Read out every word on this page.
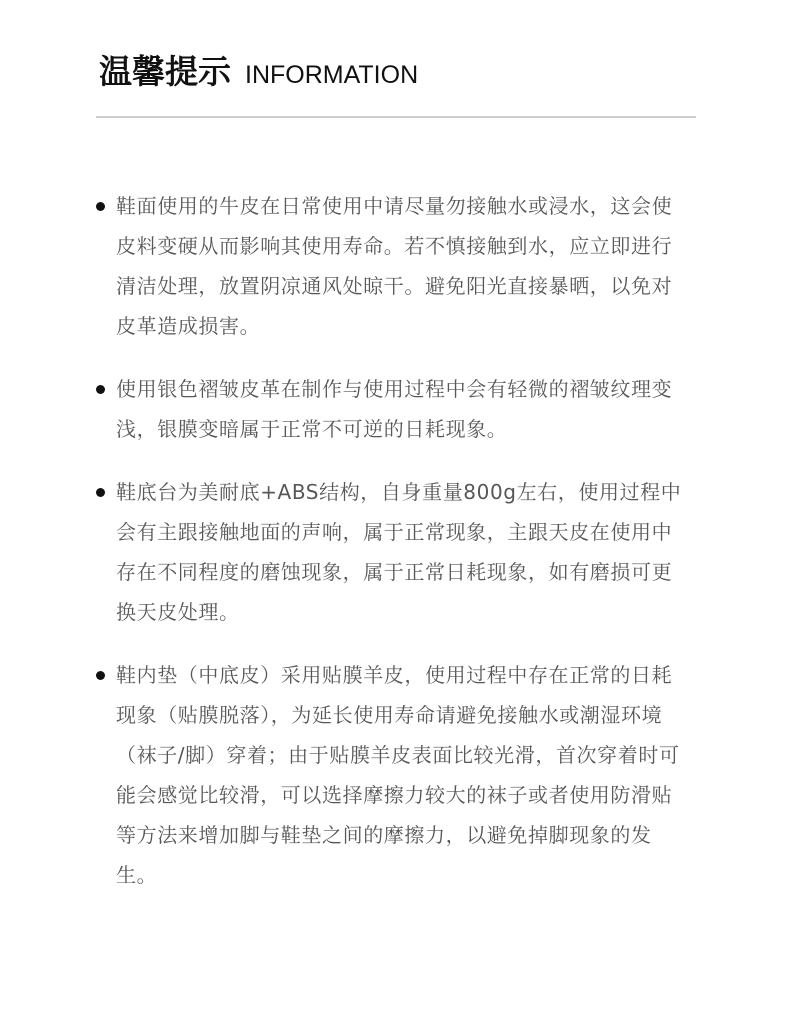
温馨提示 INFORMATION
鞋面使用的牛皮在日常使用中请尽量勿接触水或浸水，这会使皮料变硬从而影响其使用寿命。若不慎接触到水，应立即进行清洁处理，放置阴凉通风处晾干。避免阳光直接暴晒，以免对皮革造成损害。
使用银色褶皱皮革在制作与使用过程中会有轻微的褶皱纹理变浅，银膜变暗属于正常不可逆的日耗现象。
鞋底台为美耐底+ABS结构，自身重量800g左右，使用过程中会有主跟接触地面的声响，属于正常现象，主跟天皮在使用中存在不同程度的磨蚀现象，属于正常日耗现象，如有磨损可更换天皮处理。
鞋内垫（中底皮）采用贴膜羊皮，使用过程中存在正常的日耗现象（贴膜脱落），为延长使用寿命请避免接触水或潮湿环境（袜子/脚）穿着；由于贴膜羊皮表面比较光滑，首次穿着时可能会感觉比较滑，可以选择摩擦力较大的袜子或者使用防滑贴等方法来增加脚与鞋垫之间的摩擦力，以避免掉脚现象的发生。
